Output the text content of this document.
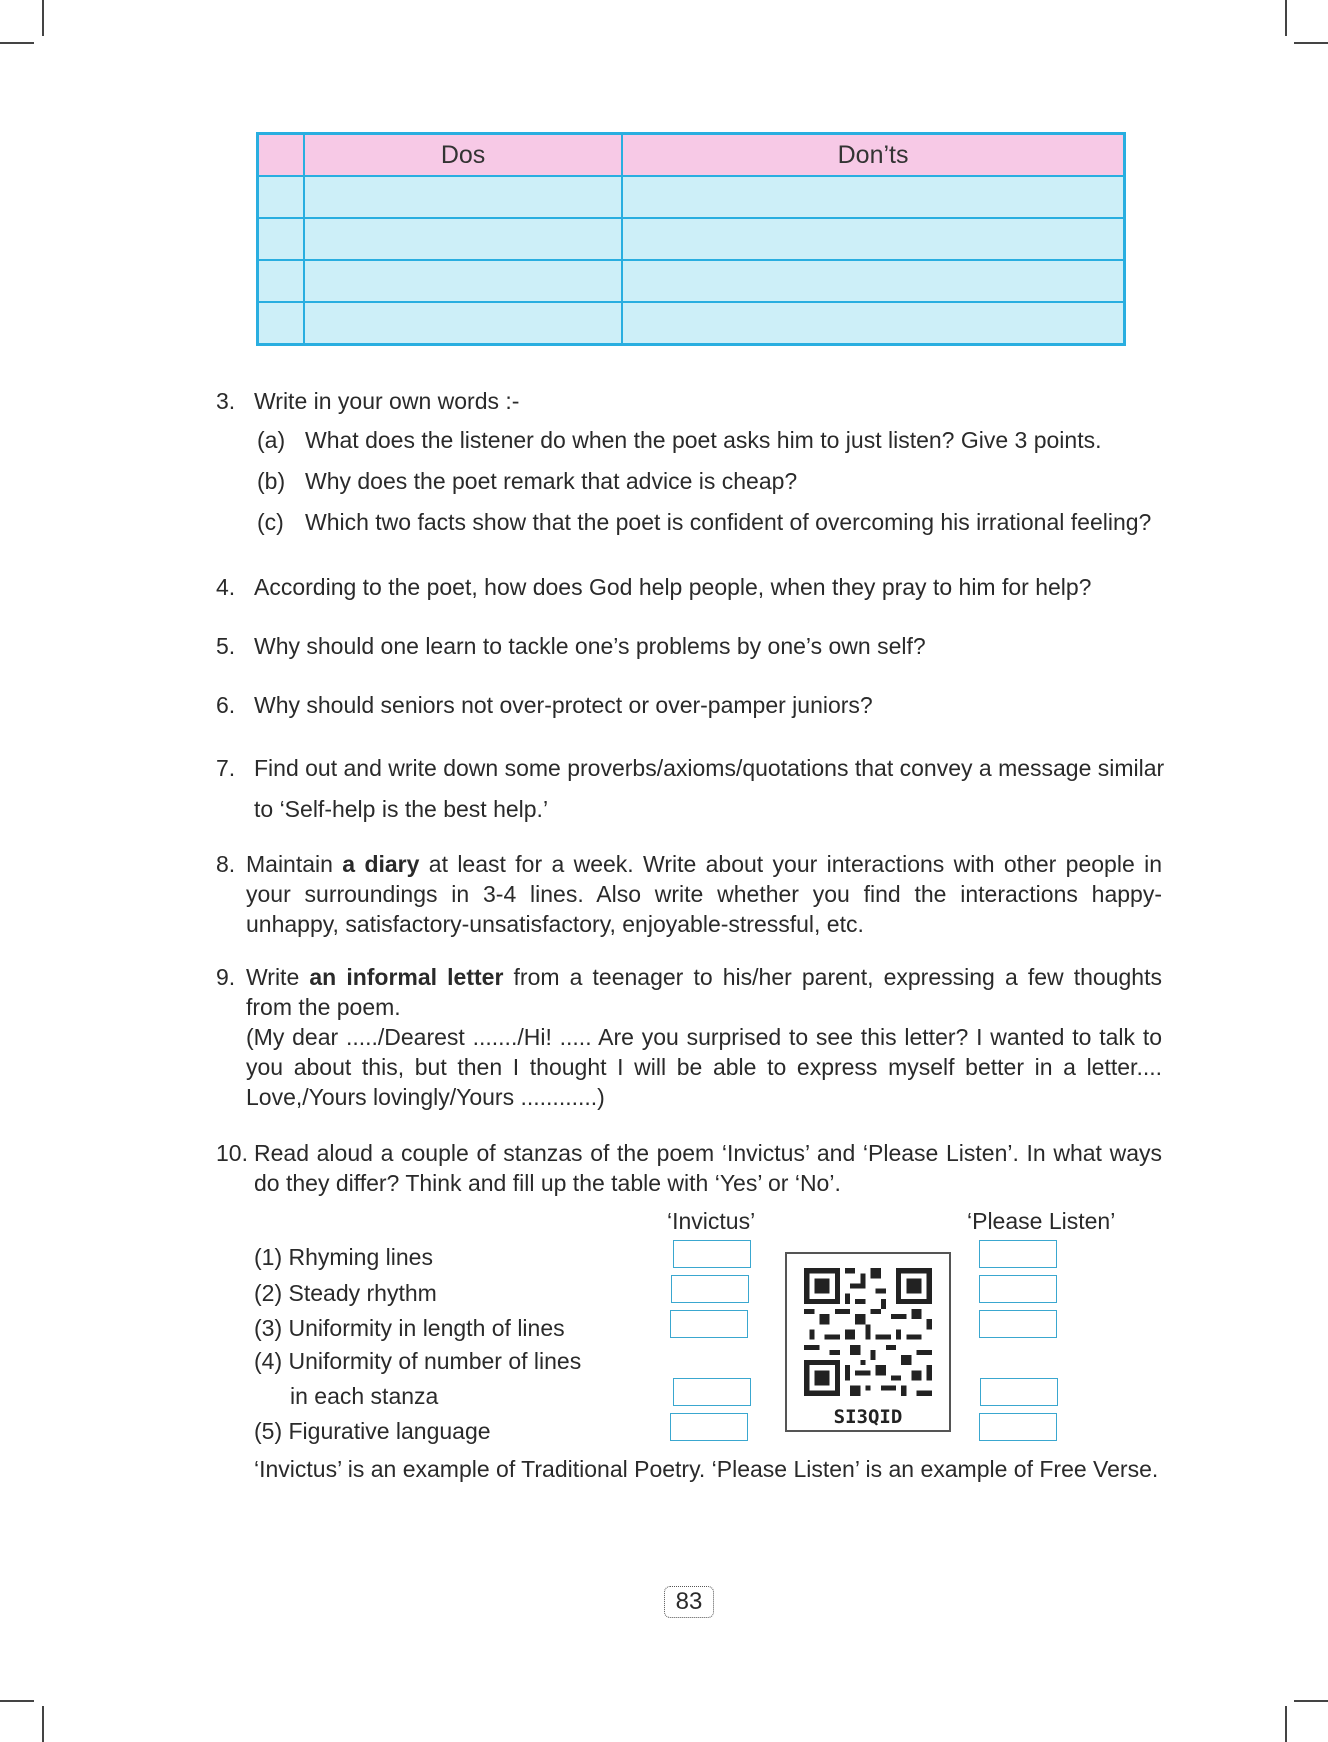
	Dos	Don’ts

3. Write in your own words :-
(a) What does the listener do when the poet asks him to just listen? Give 3 points.
(b) Why does the poet remark that advice is cheap?
(c) Which two facts show that the poet is confident of overcoming his irrational feeling?
4. According to the poet, how does God help people, when they pray to him for help?
5. Why should one learn to tackle one’s problems by one’s own self?
6. Why should seniors not over-protect or over-pamper juniors?
7. Find out and write down some proverbs/axioms/quotations that convey a message similar
to ‘Self-help is the best help.’
8. Maintain a diary at least for a week. Write about your interactions with other people in your surroundings in 3-4 lines. Also write whether you find the interactions happy-unhappy, satisfactory-unsatisfactory, enjoyable-stressful, etc.
9. Write an informal letter from a teenager to his/her parent, expressing a few thoughts from the poem.
(My dear ...../Dearest ......./Hi! ..... Are you surprised to see this letter? I wanted to talk to you about this, but then I thought I will be able to express myself better in a letter.... Love,/Yours lovingly/Yours ............)
10. Read aloud a couple of stanzas of the poem ‘Invictus’ and ‘Please Listen’. In what ways do they differ? Think and fill up the table with ‘Yes’ or ‘No’.
‘Invictus’	‘Please Listen’
(1) Rhyming lines
(2) Steady rhythm
(3) Uniformity in length of lines
(4) Uniformity of number of lines
in each stanza
(5) Figurative language
SI3QID
‘Invictus’ is an example of Traditional Poetry. ‘Please Listen’ is an example of Free Verse.
83
